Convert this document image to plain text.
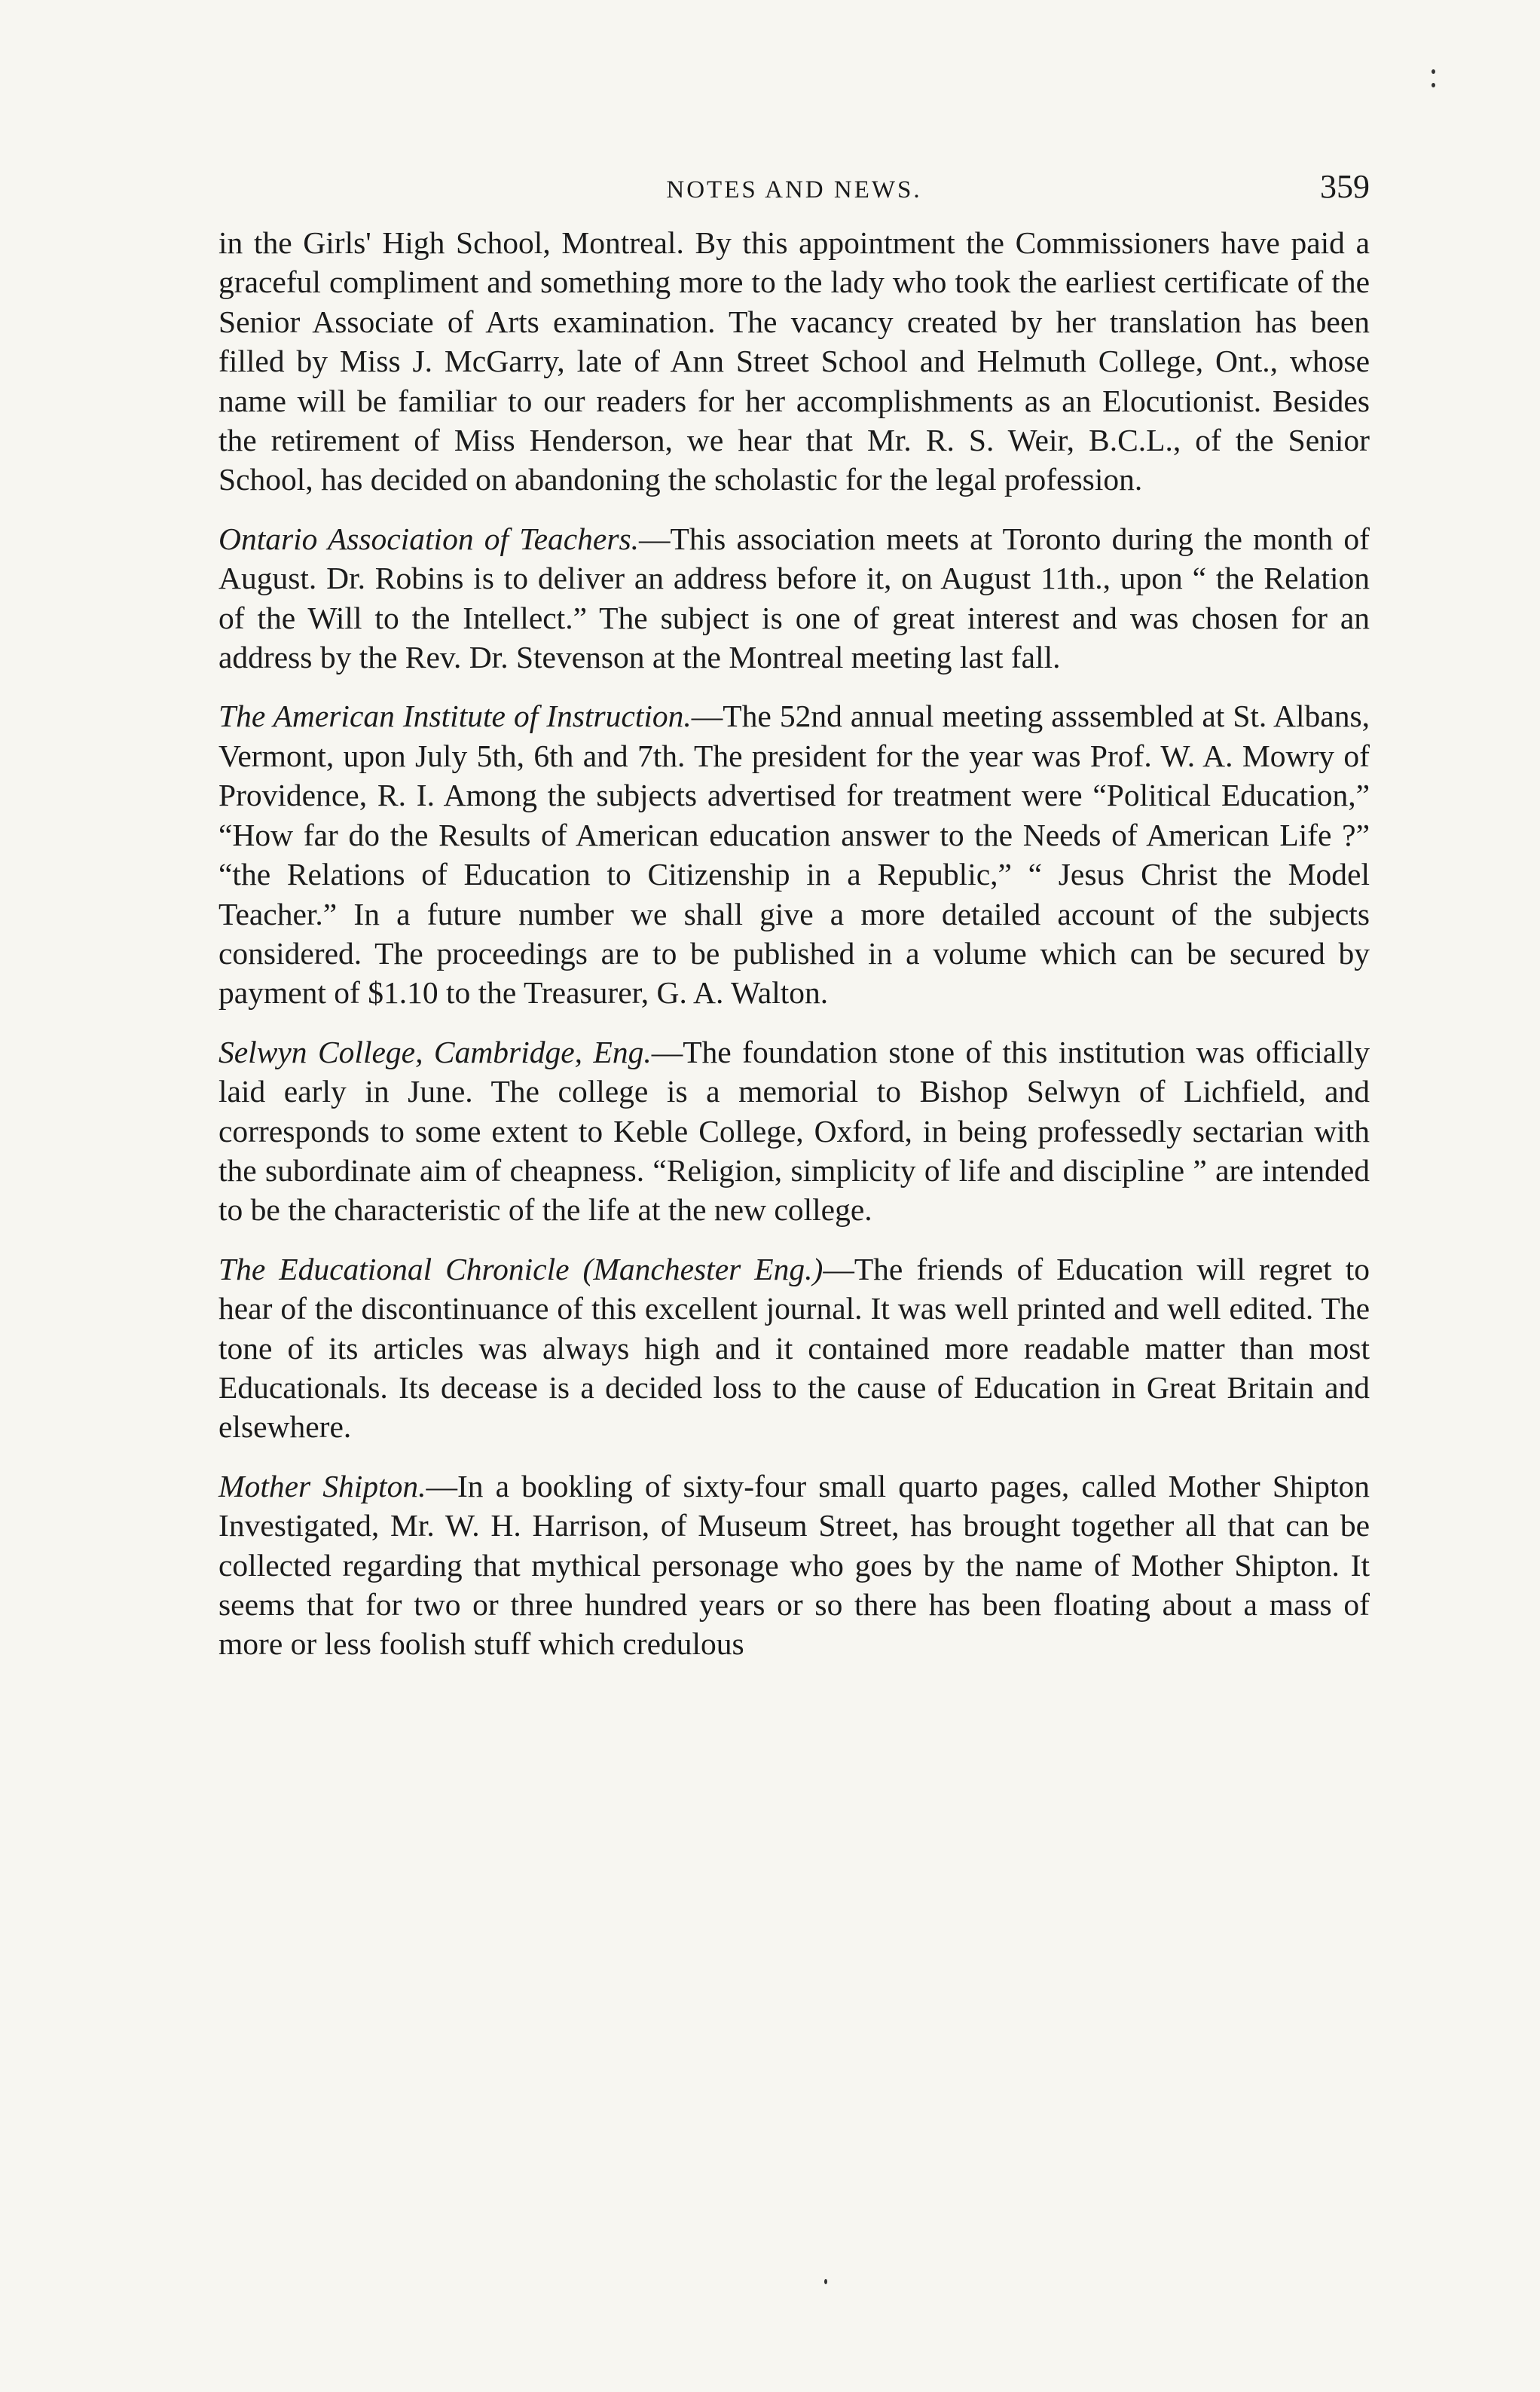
NOTES AND NEWS.	359

in the Girls' High School, Montreal. By this appointment the Commissioners have paid a graceful compliment and something more to the lady who took the earliest certificate of the Senior Associate of Arts examination. The vacancy created by her translation has been filled by Miss J. McGarry, late of Ann Street School and Helmuth College, Ont., whose name will be familiar to our readers for her accomplishments as an Elocutionist. Besides the retirement of Miss Henderson, we hear that Mr. R. S. Weir, B.C.L., of the Senior School, has decided on abandoning the scholastic for the legal profession.

Ontario Association of Teachers.—This association meets at Toronto during the month of August. Dr. Robins is to deliver an address before it, on August 11th., upon “ the Relation of the Will to the Intellect.” The subject is one of great interest and was chosen for an address by the Rev. Dr. Stevenson at the Montreal meeting last fall.

The American Institute of Instruction.—The 52nd annual meeting asssembled at St. Albans, Vermont, upon July 5th, 6th and 7th. The president for the year was Prof. W. A. Mowry of Providence, R. I. Among the subjects advertised for treatment were “Political Education,” “How far do the Results of American education answer to the Needs of American Life ?” “the Relations of Education to Citizenship in a Republic,” “ Jesus Christ the Model Teacher.” In a future number we shall give a more detailed account of the subjects considered. The proceedings are to be published in a volume which can be secured by payment of $1.10 to the Treasurer, G. A. Walton.

Selwyn College, Cambridge, Eng.—The foundation stone of this institution was officially laid early in June. The college is a memorial to Bishop Selwyn of Lichfield, and corresponds to some extent to Keble College, Oxford, in being professedly sectarian with the subordinate aim of cheapness. “Religion, simplicity of life and discipline ” are intended to be the characteristic of the life at the new college.

The Educational Chronicle (Manchester Eng.)—The friends of Education will regret to hear of the discontinuance of this excellent journal. It was well printed and well edited. The tone of its articles was always high and it contained more readable matter than most Educationals. Its decease is a decided loss to the cause of Education in Great Britain and elsewhere.

Mother Shipton.—In a bookling of sixty-four small quarto pages, called Mother Shipton Investigated, Mr. W. H. Harrison, of Museum Street, has brought together all that can be collected regarding that mythical personage who goes by the name of Mother Shipton. It seems that for two or three hundred years or so there has been floating about a mass of more or less foolish stuff which credulous
